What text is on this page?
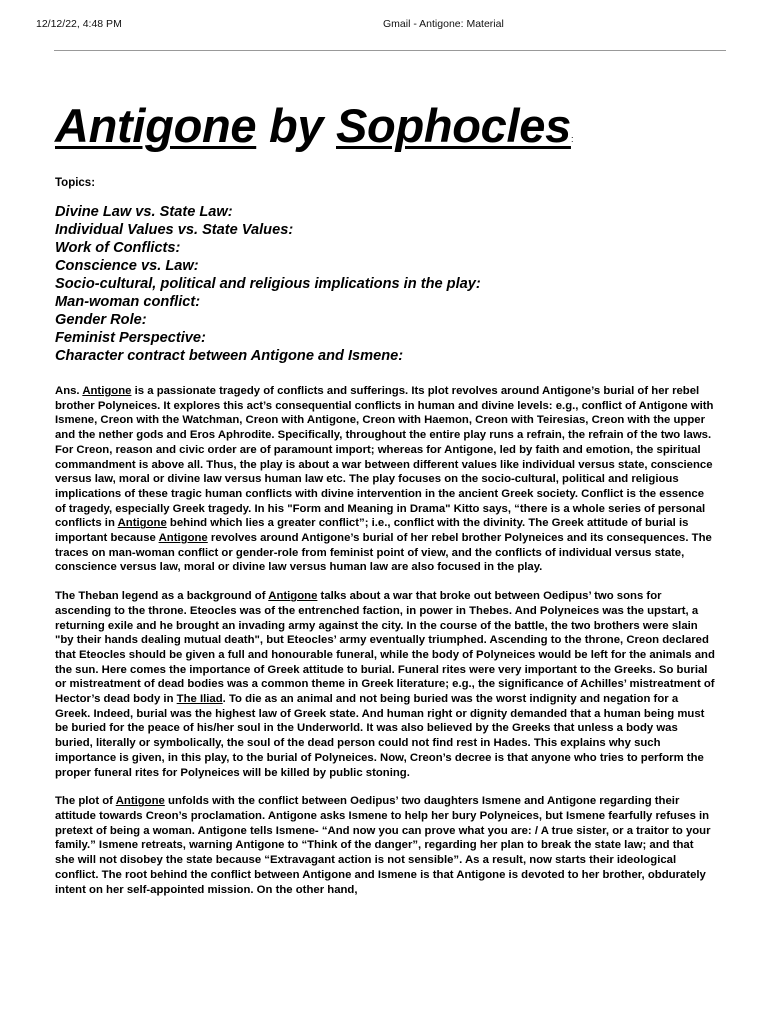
12/12/22, 4:48 PM	Gmail - Antigone: Material
Antigone by Sophocles:
Topics:
Divine Law vs. State Law:
Individual Values vs. State Values:
Work of Conflicts:
Conscience vs. Law:
Socio-cultural, political and religious implications in the play:
Man-woman conflict:
Gender Role:
Feminist Perspective:
Character contract between Antigone and Ismene:

Ans. Antigone is a passionate tragedy of conflicts and sufferings. Its plot revolves around Antigone’s burial of her rebel brother Polyneices. It explores this act’s consequential conflicts in human and divine levels: e.g., conflict of Antigone with Ismene, Creon with the Watchman, Creon with Antigone, Creon with Haemon, Creon with Teiresias, Creon with the upper and the nether gods and Eros Aphrodite. Specifically, throughout the entire play runs a refrain, the refrain of the two laws. For Creon, reason and civic order are of paramount import; whereas for Antigone, led by faith and emotion, the spiritual commandment is above all. Thus, the play is about a war between different values like individual versus state, conscience versus law, moral or divine law versus human law etc. The play focuses on the socio-cultural, political and religious implications of these tragic human conflicts with divine intervention in the ancient Greek society. Conflict is the essence of tragedy, especially Greek tragedy. In his "Form and Meaning in Drama" Kitto says, “there is a whole series of personal conflicts in Antigone behind which lies a greater conflict”; i.e., conflict with the divinity. The Greek attitude of burial is important because Antigone revolves around Antigone’s burial of her rebel brother Polyneices and its consequences. The traces on man-woman conflict or gender-role from feminist point of view, and the conflicts of individual versus state, conscience versus law, moral or divine law versus human law are also focused in the play.

The Theban legend as a background of Antigone talks about a war that broke out between Oedipus’ two sons for ascending to the throne. Eteocles was of the entrenched faction, in power in Thebes. And Polyneices was the upstart, a returning exile and he brought an invading army against the city. In the course of the battle, the two brothers were slain "by their hands dealing mutual death", but Eteocles’ army eventually triumphed. Ascending to the throne, Creon declared that Eteocles should be given a full and honourable funeral, while the body of Polyneices would be left for the animals and the sun. Here comes the importance of Greek attitude to burial. Funeral rites were very important to the Greeks. So burial or mistreatment of dead bodies was a common theme in Greek literature; e.g., the significance of Achilles’ mistreatment of Hector’s dead body in The Iliad. To die as an animal and not being buried was the worst indignity and negation for a Greek. Indeed, burial was the highest law of Greek state. And human right or dignity demanded that a human being must be buried for the peace of his/her soul in the Underworld. It was also believed by the Greeks that unless a body was buried, literally or symbolically, the soul of the dead person could not find rest in Hades. This explains why such importance is given, in this play, to the burial of Polyneices. Now, Creon’s decree is that anyone who tries to perform the proper funeral rites for Polyneices will be killed by public stoning.

The plot of Antigone unfolds with the conflict between Oedipus’ two daughters Ismene and Antigone regarding their attitude towards Creon’s proclamation. Antigone asks Ismene to help her bury Polyneices, but Ismene fearfully refuses in pretext of being a woman. Antigone tells Ismene- “And now you can prove what you are: / A true sister, or a traitor to your family.” Ismene retreats, warning Antigone to “Think of the danger”, regarding her plan to break the state law; and that she will not disobey the state because “Extravagant action is not sensible”. As a result, now starts their ideological conflict. The root behind the conflict between Antigone and Ismene is that Antigone is devoted to her brother, obdurately intent on her self-appointed mission. On the other hand,
